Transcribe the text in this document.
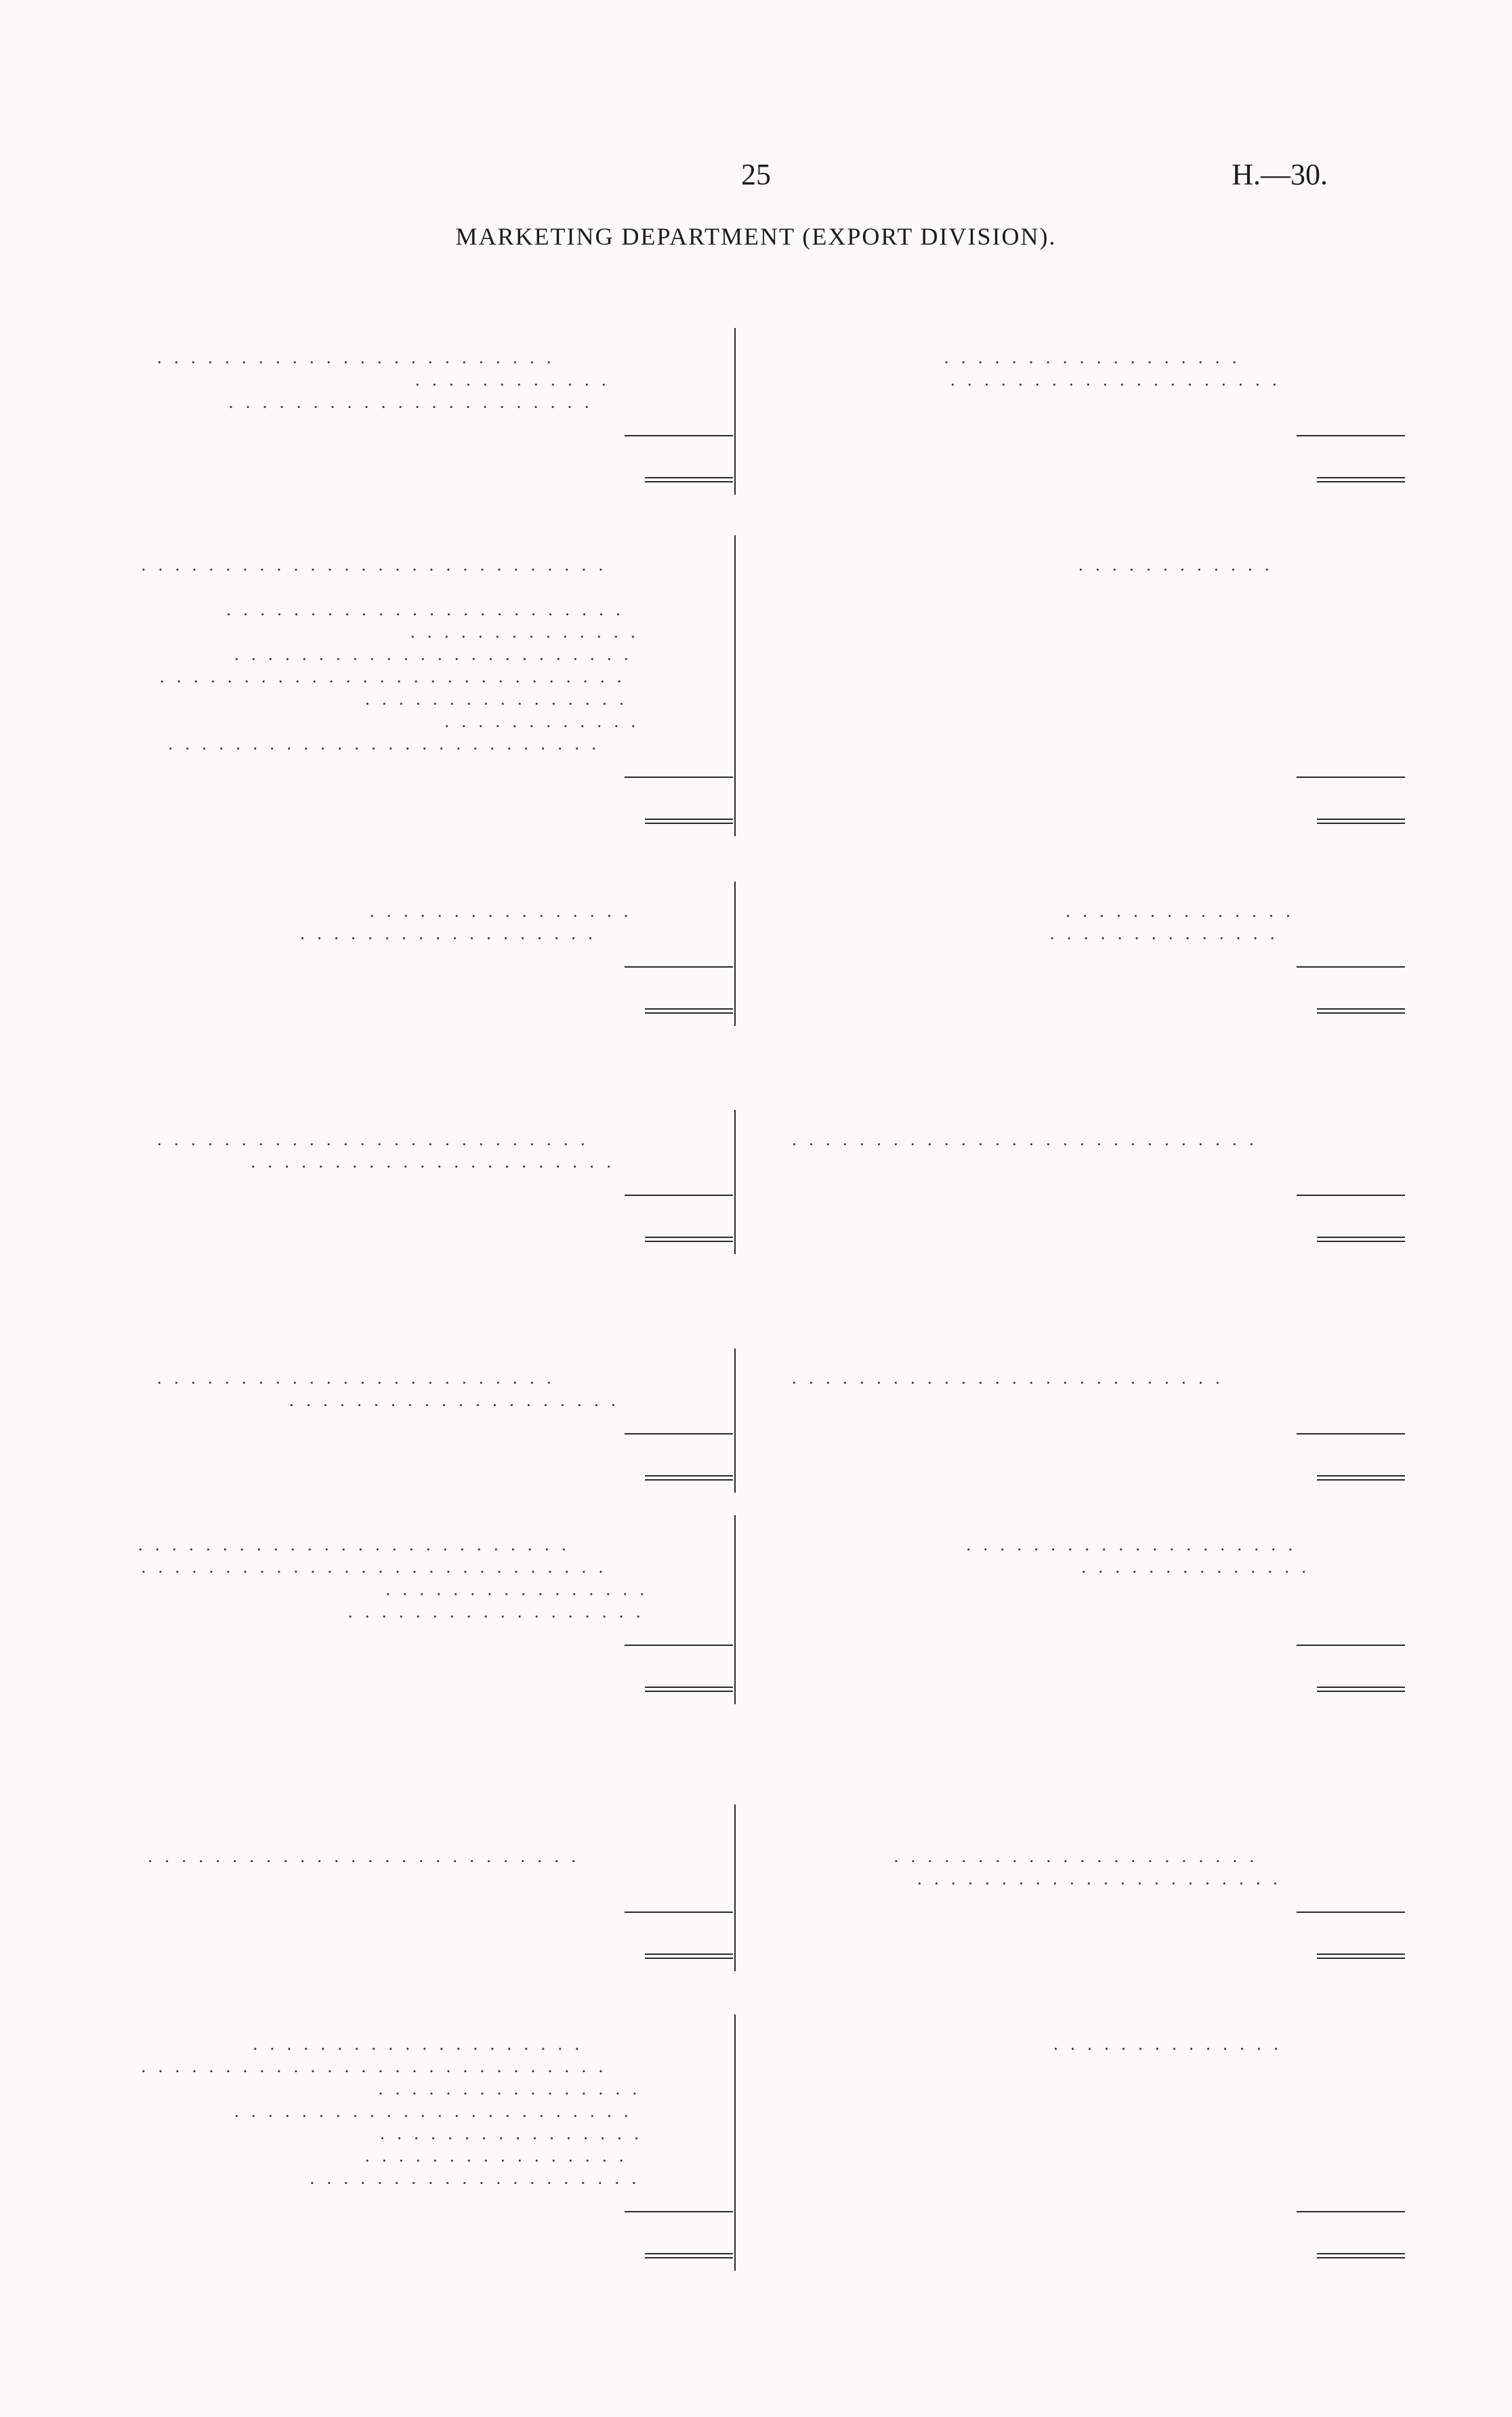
25	H.—30.
MARKETING DEPARTMENT (EXPORT DIVISION).
. . . . . . . . . . . . . . . . . . . . . . . .
. . . . . . . . . . . .
. . . . . . . . . . . . . . . . . . . . . .
. . . . . . . . . . . . . . . . . .
. . . . . . . . . . . . . . . . . . . .
. . . . . . . . . . . . . . . . . . . . . . . . . . . .
. . . . . . . . . . . . . . . . . . . . . . . .
. . . . . . . . . . . . . .
. . . . . . . . . . . . . . . . . . . . . . . .
. . . . . . . . . . . . . . . . . . . . . . . . . . . .
. . . . . . . . . . . . . . . .
. . . . . . . . . . . .
. . . . . . . . . . . . . . . . . . . . . . . . . .
. . . . . . . . . . . .
. . . . . . . . . . . . . . . .
. . . . . . . . . . . . . . . . . .
. . . . . . . . . . . . . .
. . . . . . . . . . . . . .
. . . . . . . . . . . . . . . . . . . . . . . . . .
. . . . . . . . . . . . . . . . . . . . . .
. . . . . . . . . . . . . . . . . . . . . . . . . . . .
. . . . . . . . . . . . . . . . . . . . . . . .
. . . . . . . . . . . . . . . . . . . .
. . . . . . . . . . . . . . . . . . . . . . . . . .
. . . . . . . . . . . . . . . . . . . . . . . . . .
. . . . . . . . . . . . . . . . . . . . . . . . . . . .
. . . . . . . . . . . . . . . .
. . . . . . . . . . . . . . . . . .
. . . . . . . . . . . . . . . . . . . .
. . . . . . . . . . . . . .
. . . . . . . . . . . . . . . . . . . . . . . . . .	. . . . . . . . . . . . . . . . . . . . . .
. . . . . . . . . . . . . . . . . . . . . .
. . . . . . . . . . . . . . . . . . . .
. . . . . . . . . . . . . . . . . . . . . . . . . . . .
. . . . . . . . . . . . . . . .
. . . . . . . . . . . . . . . . . . . . . . . .
. . . . . . . . . . . . . . . .
. . . . . . . . . . . . . . . .
. . . . . . . . . . . . . . . . . . . .
. . . . . . . . . . . . . .
